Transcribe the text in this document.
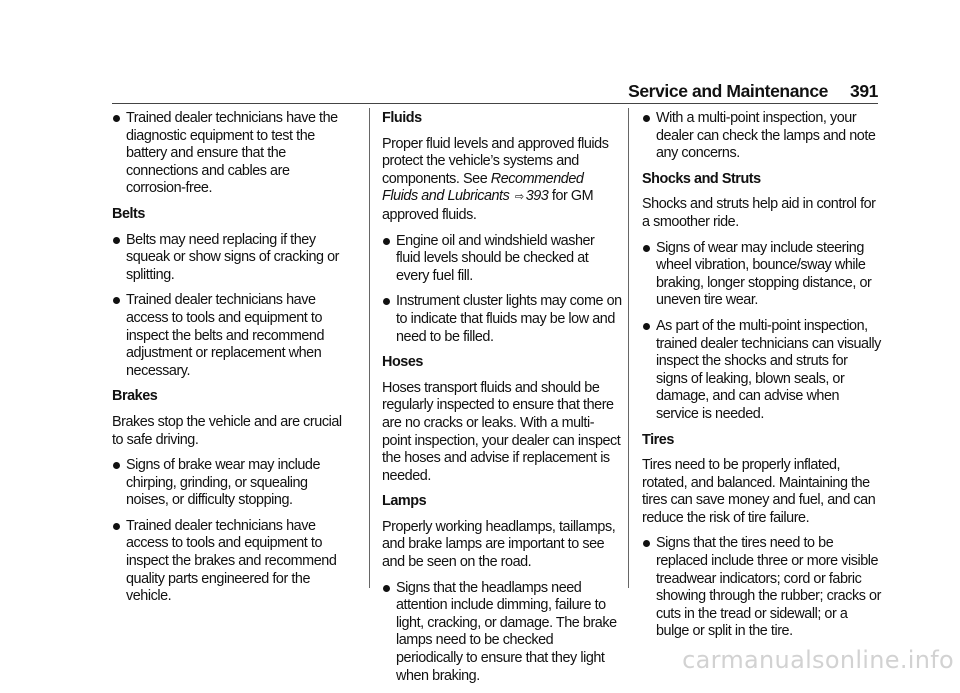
Service and Maintenance 391
Trained dealer technicians have the diagnostic equipment to test the battery and ensure that the connections and cables are corrosion-free.
Belts
Belts may need replacing if they squeak or show signs of cracking or splitting.
Trained dealer technicians have access to tools and equipment to inspect the belts and recommend adjustment or replacement when necessary.
Brakes
Brakes stop the vehicle and are crucial to safe driving.
Signs of brake wear may include chirping, grinding, or squealing noises, or difficulty stopping.
Trained dealer technicians have access to tools and equipment to inspect the brakes and recommend quality parts engineered for the vehicle.
Fluids
Proper fluid levels and approved fluids protect the vehicle’s systems and components. See Recommended Fluids and Lubricants ⇨ 393 for GM approved fluids.
Engine oil and windshield washer fluid levels should be checked at every fuel fill.
Instrument cluster lights may come on to indicate that fluids may be low and need to be filled.
Hoses
Hoses transport fluids and should be regularly inspected to ensure that there are no cracks or leaks. With a multi-point inspection, your dealer can inspect the hoses and advise if replacement is needed.
Lamps
Properly working headlamps, taillamps, and brake lamps are important to see and be seen on the road.
Signs that the headlamps need attention include dimming, failure to light, cracking, or damage. The brake lamps need to be checked periodically to ensure that they light when braking.
With a multi-point inspection, your dealer can check the lamps and note any concerns.
Shocks and Struts
Shocks and struts help aid in control for a smoother ride.
Signs of wear may include steering wheel vibration, bounce/sway while braking, longer stopping distance, or uneven tire wear.
As part of the multi-point inspection, trained dealer technicians can visually inspect the shocks and struts for signs of leaking, blown seals, or damage, and can advise when service is needed.
Tires
Tires need to be properly inflated, rotated, and balanced. Maintaining the tires can save money and fuel, and can reduce the risk of tire failure.
Signs that the tires need to be replaced include three or more visible treadwear indicators; cord or fabric showing through the rubber; cracks or cuts in the tread or sidewall; or a bulge or split in the tire.
carmanualsonline.info
